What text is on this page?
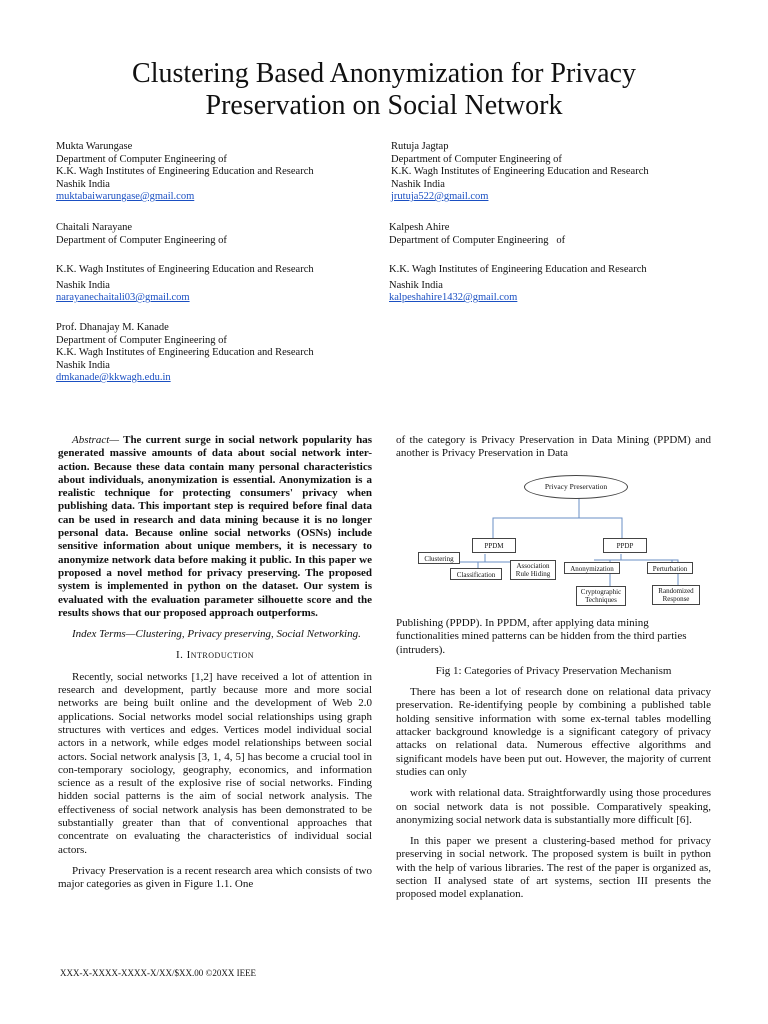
Clustering Based Anonymization for Privacy Preservation on Social Network
Mukta Warungase
Department of Computer Engineering of
K.K. Wagh Institutes of Engineering Education and Research
Nashik India
muktabaiwarungase@gmail.com
Rutuja Jagtap
Department of Computer Engineering of
K.K. Wagh Institutes of Engineering Education and Research
Nashik India
jrutuja522@gmail.com
Chaitali Narayane
Department of Computer Engineering of
K.K. Wagh Institutes of Engineering Education and Research
Nashik India
narayanechaitali03@gmail.com
Kalpesh Ahire
Department of Computer Engineering   of
K.K. Wagh Institutes of Engineering Education and Research
Nashik India
kalpeshahire1432@gmail.com
Prof. Dhanajay M. Kanade
Department of Computer Engineering of
K.K. Wagh Institutes of Engineering Education and Research
Nashik India
dmkanade@kkwagh.edu.in

Abstract— The current surge in social network popularity has generated massive amounts of data about social network inter-action. Because these data contain many personal characteristics about individuals, anonymization is essential. Anonymization is a realistic technique for protecting consumers' privacy when publishing data. This important step is required before final data can be used in research and data mining because it is no longer personal data. Because online social networks (OSNs) include sensitive information about unique members, it is necessary to anonymize network data before making it public. In this paper we proposed a novel method for privacy preserving. The proposed system is implemented in python on the dataset. Our system is evaluated with the evaluation parameter silhouette score and the results shows that our proposed approach outperforms.

Index Terms—Clustering, Privacy preserving, Social Networking.

I. Introduction

Recently, social networks [1,2] have received a lot of attention in research and development, partly because more and more social networks are being built online and the development of Web 2.0 applications. Social networks model social relationships using graph structures with vertices and edges. Vertices model individual social actors in a network, while edges model relationships between social actors. Social network analysis [3, 1, 4, 5] has become a crucial tool in con-temporary sociology, geography, economics, and information science as a result of the explosive rise of social networks. Finding hidden social patterns is the aim of social network analysis. The effectiveness of social network analysis has been demonstrated to be substantially greater than that of conventional approaches that concentrate on evaluating the characteristics of individual social actors.

Privacy Preservation is a recent research area which consists of two major categories as given in Figure 1.1. One

of the category is Privacy Preservation in Data Mining (PPDM) and another is Privacy Preservation in Data

Privacy Preservation
PPDM	PPDP
Clustering
Classification
Association Rule Hiding
Anonymization	Perturbation
Cryptographic Techniques
Randomized Response

Publishing (PPDP). In PPDM, after applying data mining functionalities mined patterns can be hidden from the third parties (intruders).

Fig 1: Categories of Privacy Preservation Mechanism

There has been a lot of research done on relational data privacy preservation. Re-identifying people by combining a published table holding sensitive information with some ex-ternal tables modelling attacker background knowledge is a significant category of privacy attacks on relational data. Numerous effective algorithms and significant models have been put out. However, the majority of current studies can only

work with relational data. Straightforwardly using those procedures on social network data is not possible. Comparatively speaking, anonymizing social network data is substantially more difficult [6].

In this paper we present a clustering-based method for privacy preserving in social network. The proposed system is built in python with the help of various libraries. The rest of the paper is organized as, section II analysed state of art systems, section III presents the proposed model explanation.

XXX-X-XXXX-XXXX-X/XX/$XX.00 ©20XX IEEE
